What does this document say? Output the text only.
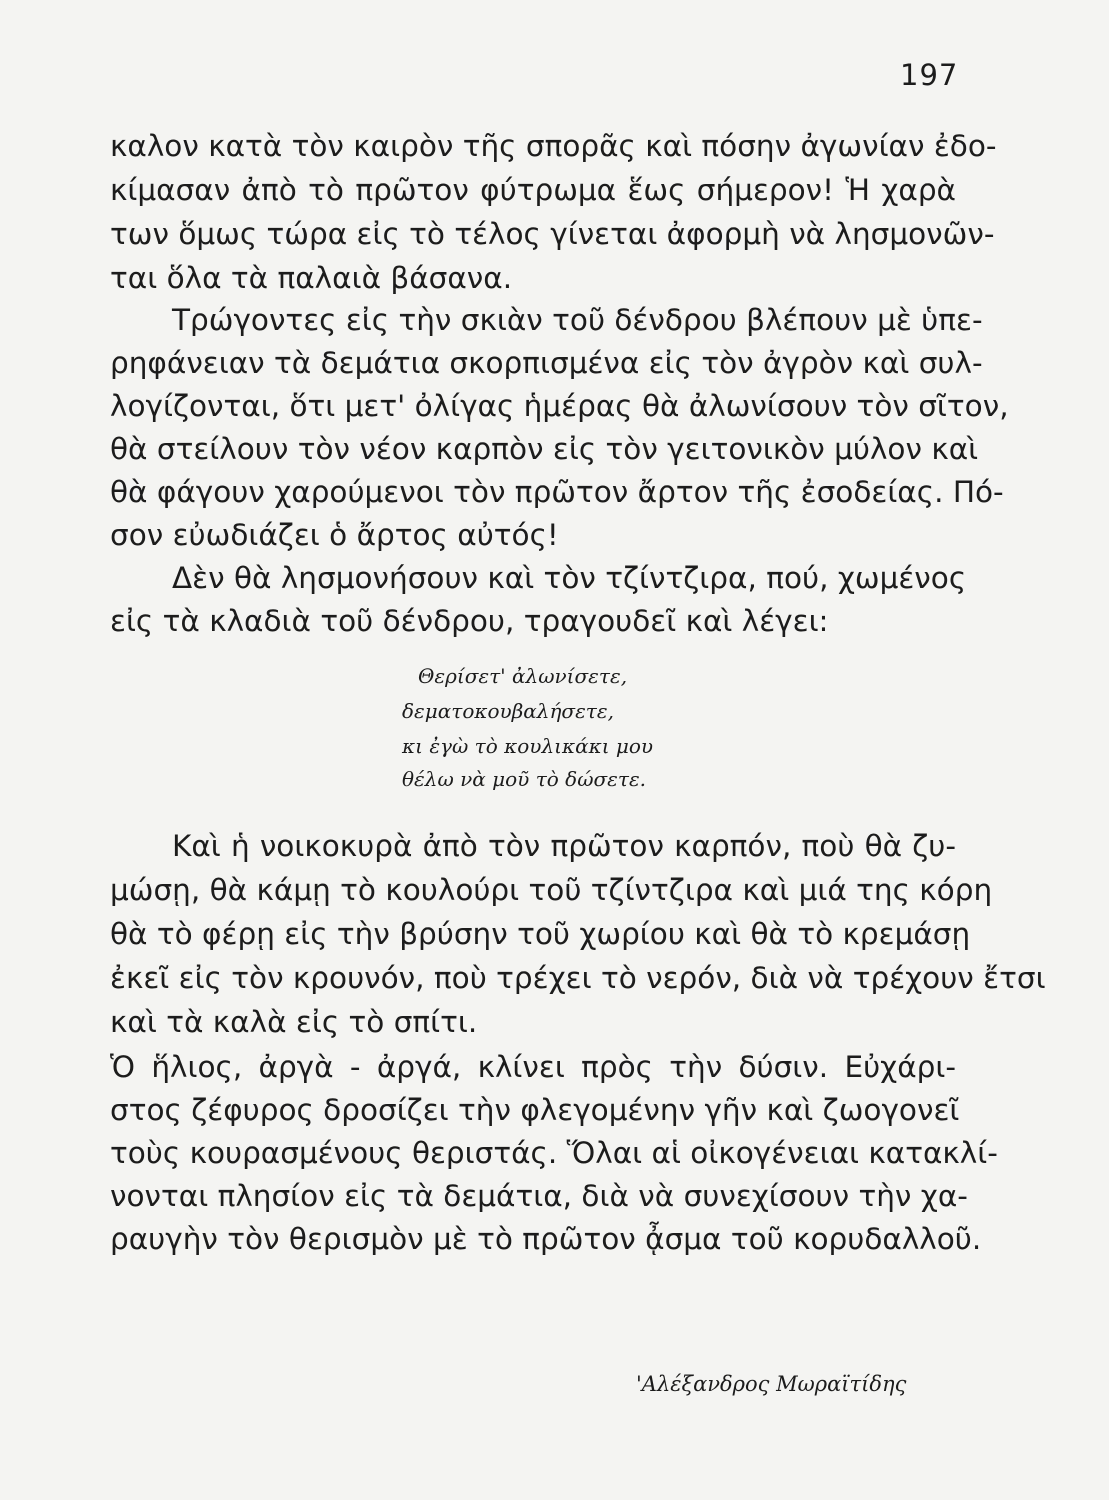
197
καλον κατὰ τὸν καιρὸν τῆς σπορᾶς καὶ πόσην ἀγωνίαν ἐδο-
κίμασαν ἀπὸ τὸ πρῶτον φύτρωμα ἕως σήμερον! Ἡ χαρὰ
των ὅμως τώρα εἰς τὸ τέλος γίνεται ἀφορμὴ νὰ λησμονῶν-
ται ὅλα τὰ παλαιὰ βάσανα.
Τρώγοντες εἰς τὴν σκιὰν τοῦ δένδρου βλέπουν μὲ ὑπε-
ρηφάνειαν τὰ δεμάτια σκορπισμένα εἰς τὸν ἀγρὸν καὶ συλ-
λογίζονται, ὅτι μετ' ὀλίγας ἡμέρας θὰ ἀλωνίσουν τὸν σῖτον,
θὰ στείλουν τὸν νέον καρπὸν εἰς τὸν γειτονικὸν μύλον καὶ
θὰ φάγουν χαρούμενοι τὸν πρῶτον ἄρτον τῆς ἐσοδείας. Πό-
σον εὐωδιάζει ὁ ἄρτος αὐτός!
Δὲν θὰ λησμονήσουν καὶ τὸν τζίντζιρα, πού, χωμένος
εἰς τὰ κλαδιὰ τοῦ δένδρου, τραγουδεῖ καὶ λέγει:
Θερίσετ' ἀλωνίσετε,
δεματοκουβαλήσετε,
κι ἐγὼ τὸ κουλικάκι μου
θέλω νὰ μοῦ τὸ δώσετε.
Καὶ ἡ νοικοκυρὰ ἀπὸ τὸν πρῶτον καρπόν, ποὺ θὰ ζυ-
μώσῃ, θὰ κάμῃ τὸ κουλούρι τοῦ τζίντζιρα καὶ μιά της κόρη
θὰ τὸ φέρῃ εἰς τὴν βρύσην τοῦ χωρίου καὶ θὰ τὸ κρεμάσῃ
ἐκεῖ εἰς τὸν κρουνόν, ποὺ τρέχει τὸ νερόν, διὰ νὰ τρέχουν ἔτσι
καὶ τὰ καλὰ εἰς τὸ σπίτι.
Ὁ ἥλιος, ἀργὰ - ἀργά, κλίνει πρὸς τὴν δύσιν. Εὐχάρι-
στος ζέφυρος δροσίζει τὴν φλεγομένην γῆν καὶ ζωογονεῖ
τοὺς κουρασμένους θεριστάς. Ὅλαι αἱ οἰκογένειαι κατακλί-
νονται πλησίον εἰς τὰ δεμάτια, διὰ νὰ συνεχίσουν τὴν χα-
ραυγὴν τὸν θερισμὸν μὲ τὸ πρῶτον ᾆσμα τοῦ κορυδαλλοῦ.
'Αλέξανδρος Μωραϊτίδης
